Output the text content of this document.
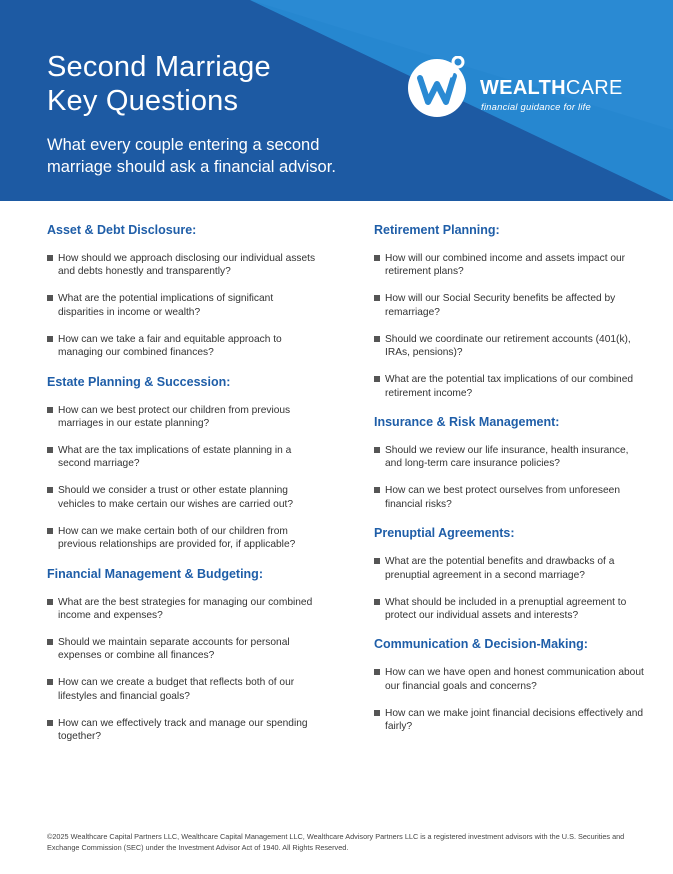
Second Marriage
Key Questions
What every couple entering a second marriage should ask a financial advisor.
WEALTHCARE
financial guidance for life
Asset & Debt Disclosure:
How should we approach disclosing our individual assets and debts honestly and transparently?
What are the potential implications of significant disparities in income or wealth?
How can we take a fair and equitable approach to managing our combined finances?
Estate Planning & Succession:
How can we best protect our children from previous marriages in our estate planning?
What are the tax implications of estate planning in a second marriage?
Should we consider a trust or other estate planning vehicles to make certain our wishes are carried out?
How can we make certain both of our children from previous relationships are provided for, if applicable?
Financial Management & Budgeting:
What are the best strategies for managing our combined income and expenses?
Should we maintain separate accounts for personal expenses or combine all finances?
How can we create a budget that reflects both of our lifestyles and financial goals?
How can we effectively track and manage our spending together?
Retirement Planning:
How will our combined income and assets impact our retirement plans?
How will our Social Security benefits be affected by remarriage?
Should we coordinate our retirement accounts (401(k), IRAs, pensions)?
What are the potential tax implications of our combined retirement income?
Insurance & Risk Management:
Should we review our life insurance, health insurance, and long-term care insurance policies?
How can we best protect ourselves from unforeseen financial risks?
Prenuptial Agreements:
What are the potential benefits and drawbacks of a prenuptial agreement in a second marriage?
What should be included in a prenuptial agreement to protect our individual assets and interests?
Communication & Decision-Making:
How can we have open and honest communication about our financial goals and concerns?
How can we make joint financial decisions effectively and fairly?
©2025 Wealthcare Capital Partners LLC, Wealthcare Capital Management LLC, Wealthcare Advisory Partners LLC is a registered investment advisors with the U.S. Securities and Exchange Commission (SEC) under the Investment Advisor Act of 1940. All Rights Reserved.
